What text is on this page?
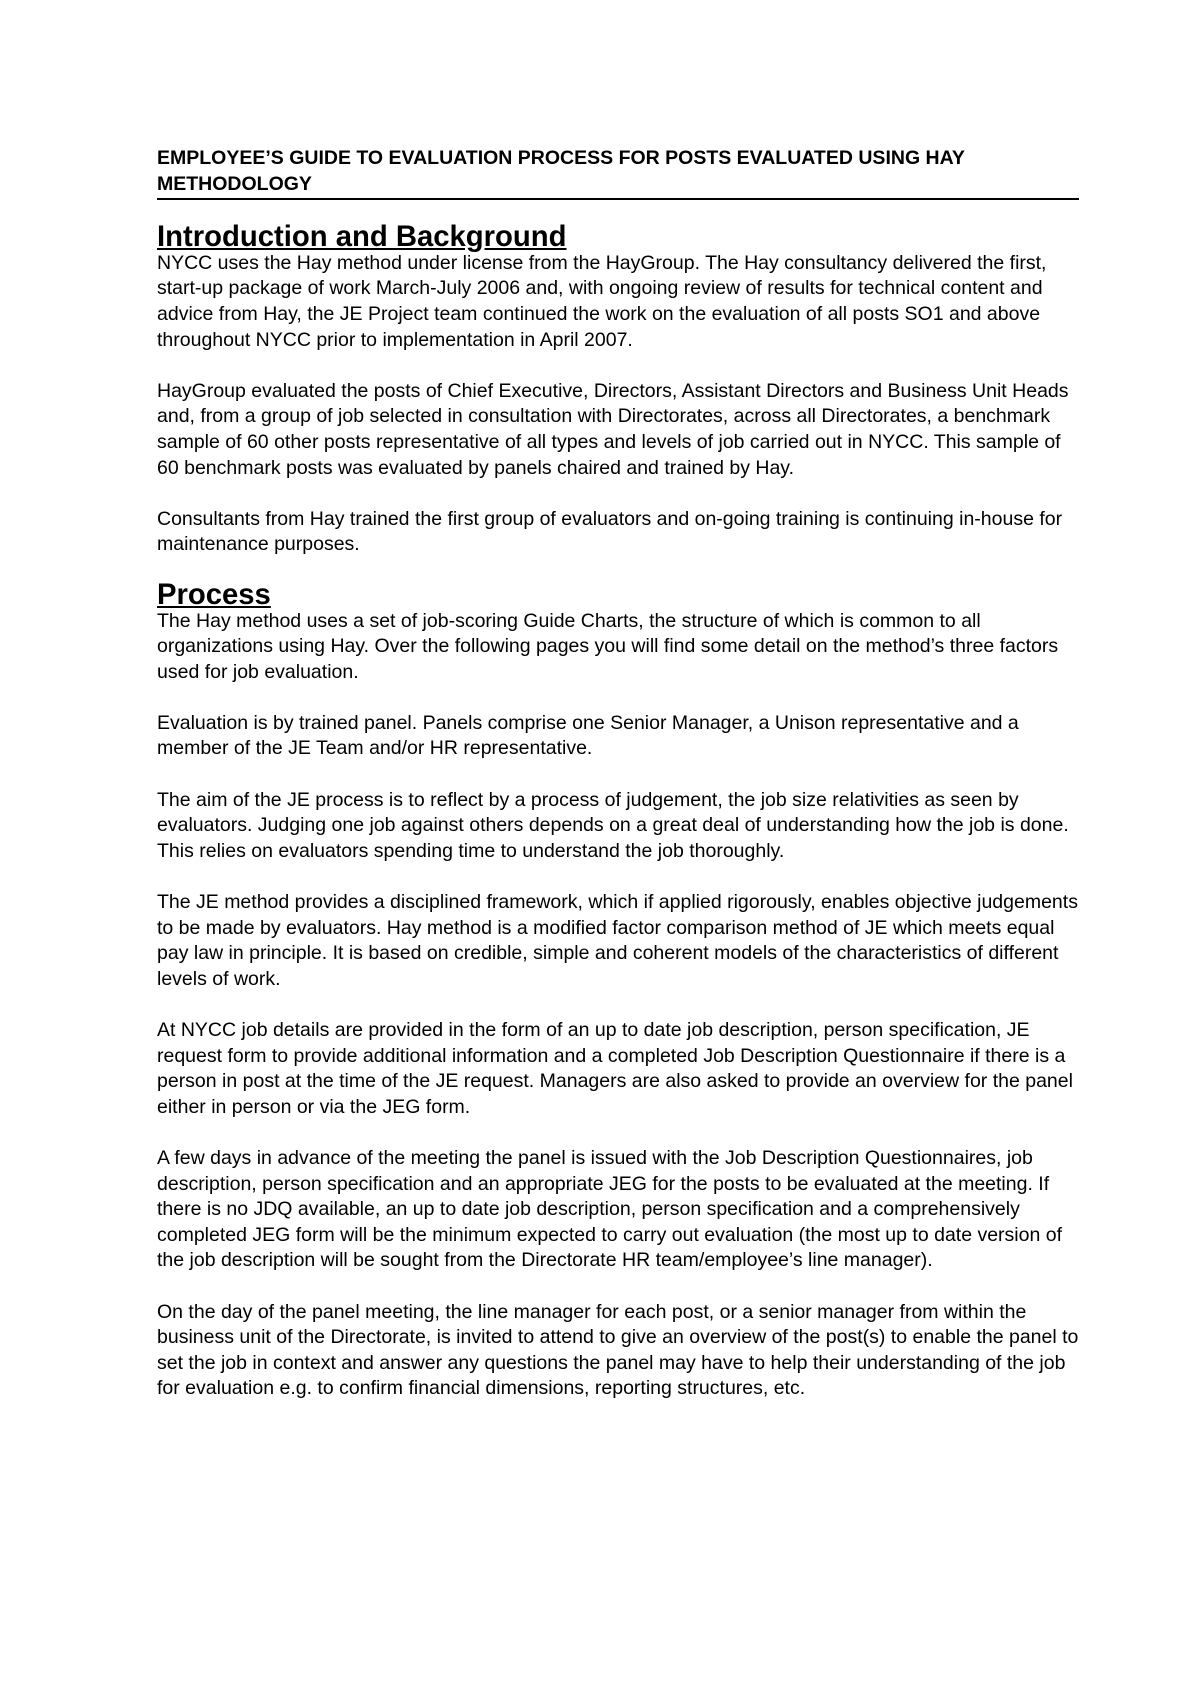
EMPLOYEE’S GUIDE TO EVALUATION PROCESS FOR POSTS EVALUATED USING HAY METHODOLOGY
Introduction and Background

NYCC uses the Hay method under license from the HayGroup. The Hay consultancy delivered the first, start-up package of work March-July 2006 and, with ongoing review of results for technical content and advice from Hay, the JE Project team continued the work on the evaluation of all posts SO1 and above throughout NYCC prior to implementation in April 2007.

HayGroup evaluated the posts of Chief Executive, Directors, Assistant Directors and Business Unit Heads and, from a group of job selected in consultation with Directorates, across all Directorates, a benchmark sample of 60 other posts representative of all types and levels of job carried out in NYCC. This sample of 60 benchmark posts was evaluated by panels chaired and trained by Hay.

Consultants from Hay trained the first group of evaluators and on-going training is continuing in-house for maintenance purposes.

Process

The Hay method uses a set of job-scoring Guide Charts, the structure of which is common to all organizations using Hay. Over the following pages you will find some detail on the method’s three factors used for job evaluation.

Evaluation is by trained panel. Panels comprise one Senior Manager, a Unison representative and a member of the JE Team and/or HR representative.

The aim of the JE process is to reflect by a process of judgement, the job size relativities as seen by evaluators. Judging one job against others depends on a great deal of understanding how the job is done. This relies on evaluators spending time to understand the job thoroughly.

The JE method provides a disciplined framework, which if applied rigorously, enables objective judgements to be made by evaluators. Hay method is a modified factor comparison method of JE which meets equal pay law in principle. It is based on credible, simple and coherent models of the characteristics of different levels of work.

At NYCC job details are provided in the form of an up to date job description, person specification, JE request form to provide additional information and a completed Job Description Questionnaire if there is a person in post at the time of the JE request. Managers are also asked to provide an overview for the panel either in person or via the JEG form.

A few days in advance of the meeting the panel is issued with the Job Description Questionnaires, job description, person specification and an appropriate JEG for the posts to be evaluated at the meeting. If there is no JDQ available, an up to date job description, person specification and a comprehensively completed JEG form will be the minimum expected to carry out evaluation (the most up to date version of the job description will be sought from the Directorate HR team/employee’s line manager).

On the day of the panel meeting, the line manager for each post, or a senior manager from within the business unit of the Directorate, is invited to attend to give an overview of the post(s) to enable the panel to set the job in context and answer any questions the panel may have to help their understanding of the job for evaluation e.g. to confirm financial dimensions, reporting structures, etc.
